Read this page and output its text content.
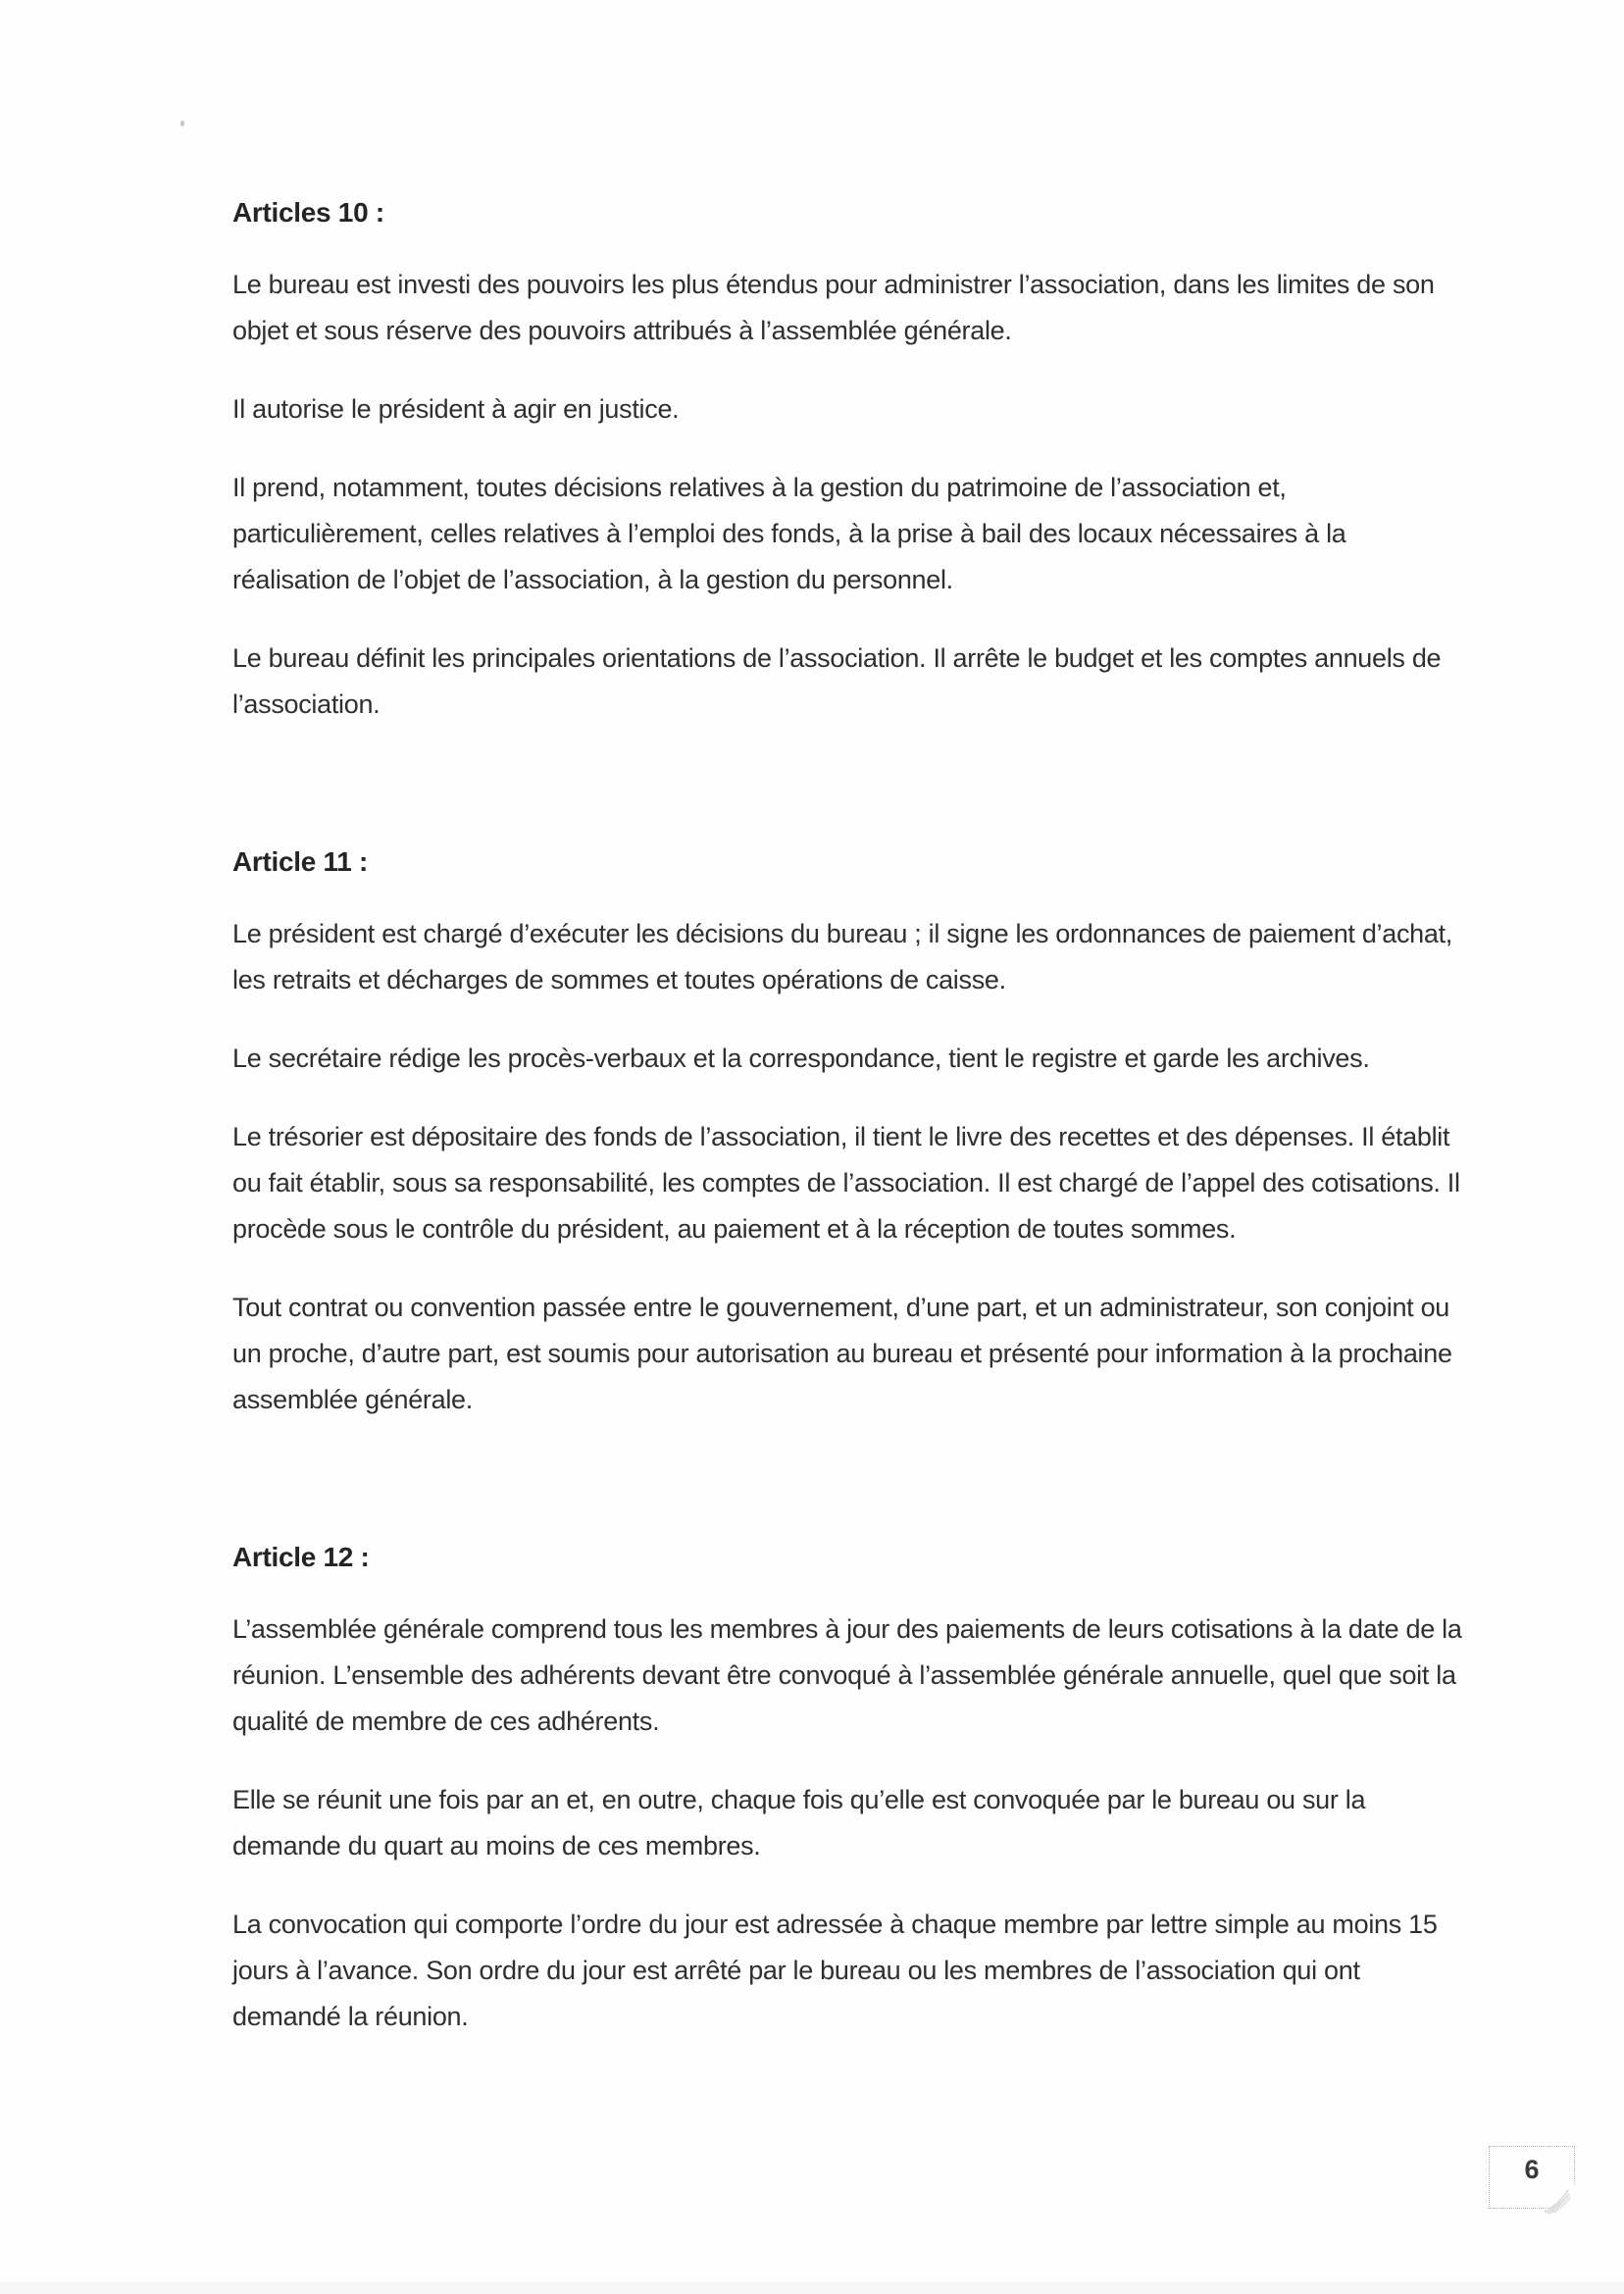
Articles 10 :

Le bureau est investi des pouvoirs les plus étendus pour administrer l’association, dans les limites de son objet et sous réserve des pouvoirs attribués à l’assemblée générale.

Il autorise le président à agir en justice.

Il prend, notamment, toutes décisions relatives à la gestion du patrimoine de l’association et, particulièrement, celles relatives à l’emploi des fonds, à la prise à bail des locaux nécessaires à la réalisation de l’objet de l’association, à la gestion du personnel.

Le bureau définit les principales orientations de l’association. Il arrête le budget et les comptes annuels de l’association.

Article 11 :

Le président est chargé d’exécuter les décisions du bureau ; il signe les ordonnances de paiement d’achat, les retraits et décharges de sommes et toutes opérations de caisse.

Le secrétaire rédige les procès-verbaux et la correspondance, tient le registre et garde les archives.

Le trésorier est dépositaire des fonds de l’association, il tient le livre des recettes et des dépenses. Il établit ou fait établir, sous sa responsabilité, les comptes de l’association. Il est chargé de l’appel des cotisations. Il procède sous le contrôle du président, au paiement et à la réception de toutes sommes.

Tout contrat ou convention passée entre le gouvernement, d’une part, et un administrateur, son conjoint ou un proche, d’autre part, est soumis pour autorisation au bureau et présenté pour information à la prochaine assemblée générale.

Article 12 :

L’assemblée générale comprend tous les membres à jour des paiements de leurs cotisations à la date de la réunion. L’ensemble des adhérents devant être convoqué à l’assemblée générale annuelle, quel que soit la qualité de membre de ces adhérents.

Elle se réunit une fois par an et, en outre, chaque fois qu’elle est convoquée par le bureau ou sur la demande du quart au moins de ces membres.

La convocation qui comporte l’ordre du jour est adressée à chaque membre par lettre simple au moins 15 jours à l’avance. Son ordre du jour est arrêté par le bureau ou les membres de l’association qui ont demandé la réunion.

6
